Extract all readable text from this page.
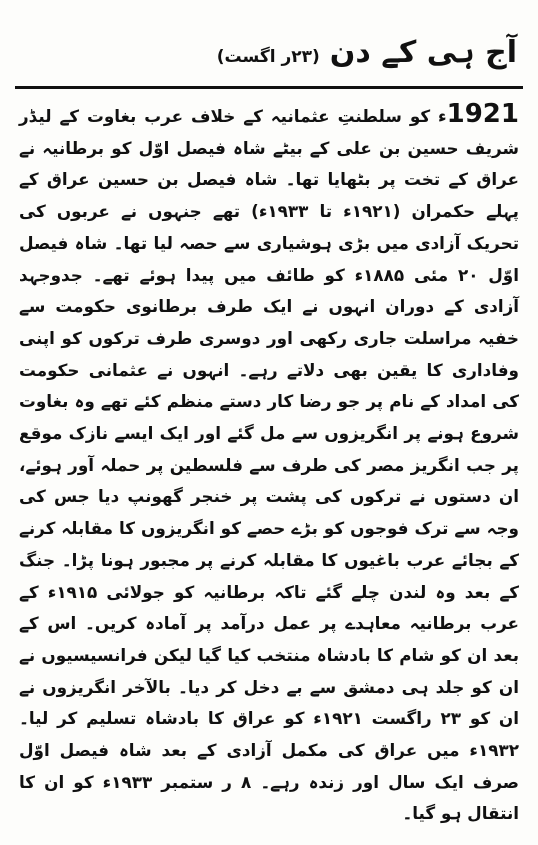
آج ہی کے دن
(۲۳ر اگست)
1921ء کو سلطنتِ عثمانیہ کے خلاف عرب بغاوت کے لیڈر شریف حسین بن علی کے بیٹے شاہ فیصل اوّل کو برطانیہ نے عراق کے تخت پر بٹھایا تھا۔ شاہ فیصل بن حسین عراق کے پہلے حکمران (۱۹۲۱ء تا ۱۹۳۳ء) تھے جنہوں نے عربوں کی تحریک آزادی میں بڑی ہوشیاری سے حصہ لیا تھا۔ شاہ فیصل اوّل ۲۰ مئی ۱۸۸۵ء کو طائف میں پیدا ہوئے تھے۔ جدوجہد آزادی کے دوران انہوں نے ایک طرف برطانوی حکومت سے خفیہ مراسلت جاری رکھی اور دوسری طرف ترکوں کو اپنی وفاداری کا یقین بھی دلاتے رہے۔ انہوں نے عثمانی حکومت کی امداد کے نام پر جو رضا کار دستے منظم کئے تھے وہ بغاوت شروع ہونے پر انگریزوں سے مل گئے اور ایک ایسے نازک موقع پر جب انگریز مصر کی طرف سے فلسطین پر حملہ آور ہوئے، ان دستوں نے ترکوں کی پشت پر خنجر گھونپ دیا جس کی وجہ سے ترک فوجوں کو بڑے حصے کو انگریزوں کا مقابلہ کرنے کے بجائے عرب باغیوں کا مقابلہ کرنے پر مجبور ہونا پڑا۔ جنگ کے بعد وہ لندن چلے گئے تاکہ برطانیہ کو جولائی ۱۹۱۵ء کے عرب برطانیہ معاہدے پر عمل درآمد پر آمادہ کریں۔ اس کے بعد ان کو شام کا بادشاہ منتخب کیا گیا لیکن فرانسیسیوں نے ان کو جلد ہی دمشق سے بے دخل کر دیا۔ بالآخر انگریزوں نے ان کو ۲۳ راگست ۱۹۲۱ء کو عراق کا بادشاہ تسلیم کر لیا۔ ۱۹۳۲ء میں عراق کی مکمل آزادی کے بعد شاہ فیصل اوّل صرف ایک سال اور زندہ رہے۔ ۸ ر ستمبر ۱۹۳۳ء کو ان کا انتقال ہو گیا۔
